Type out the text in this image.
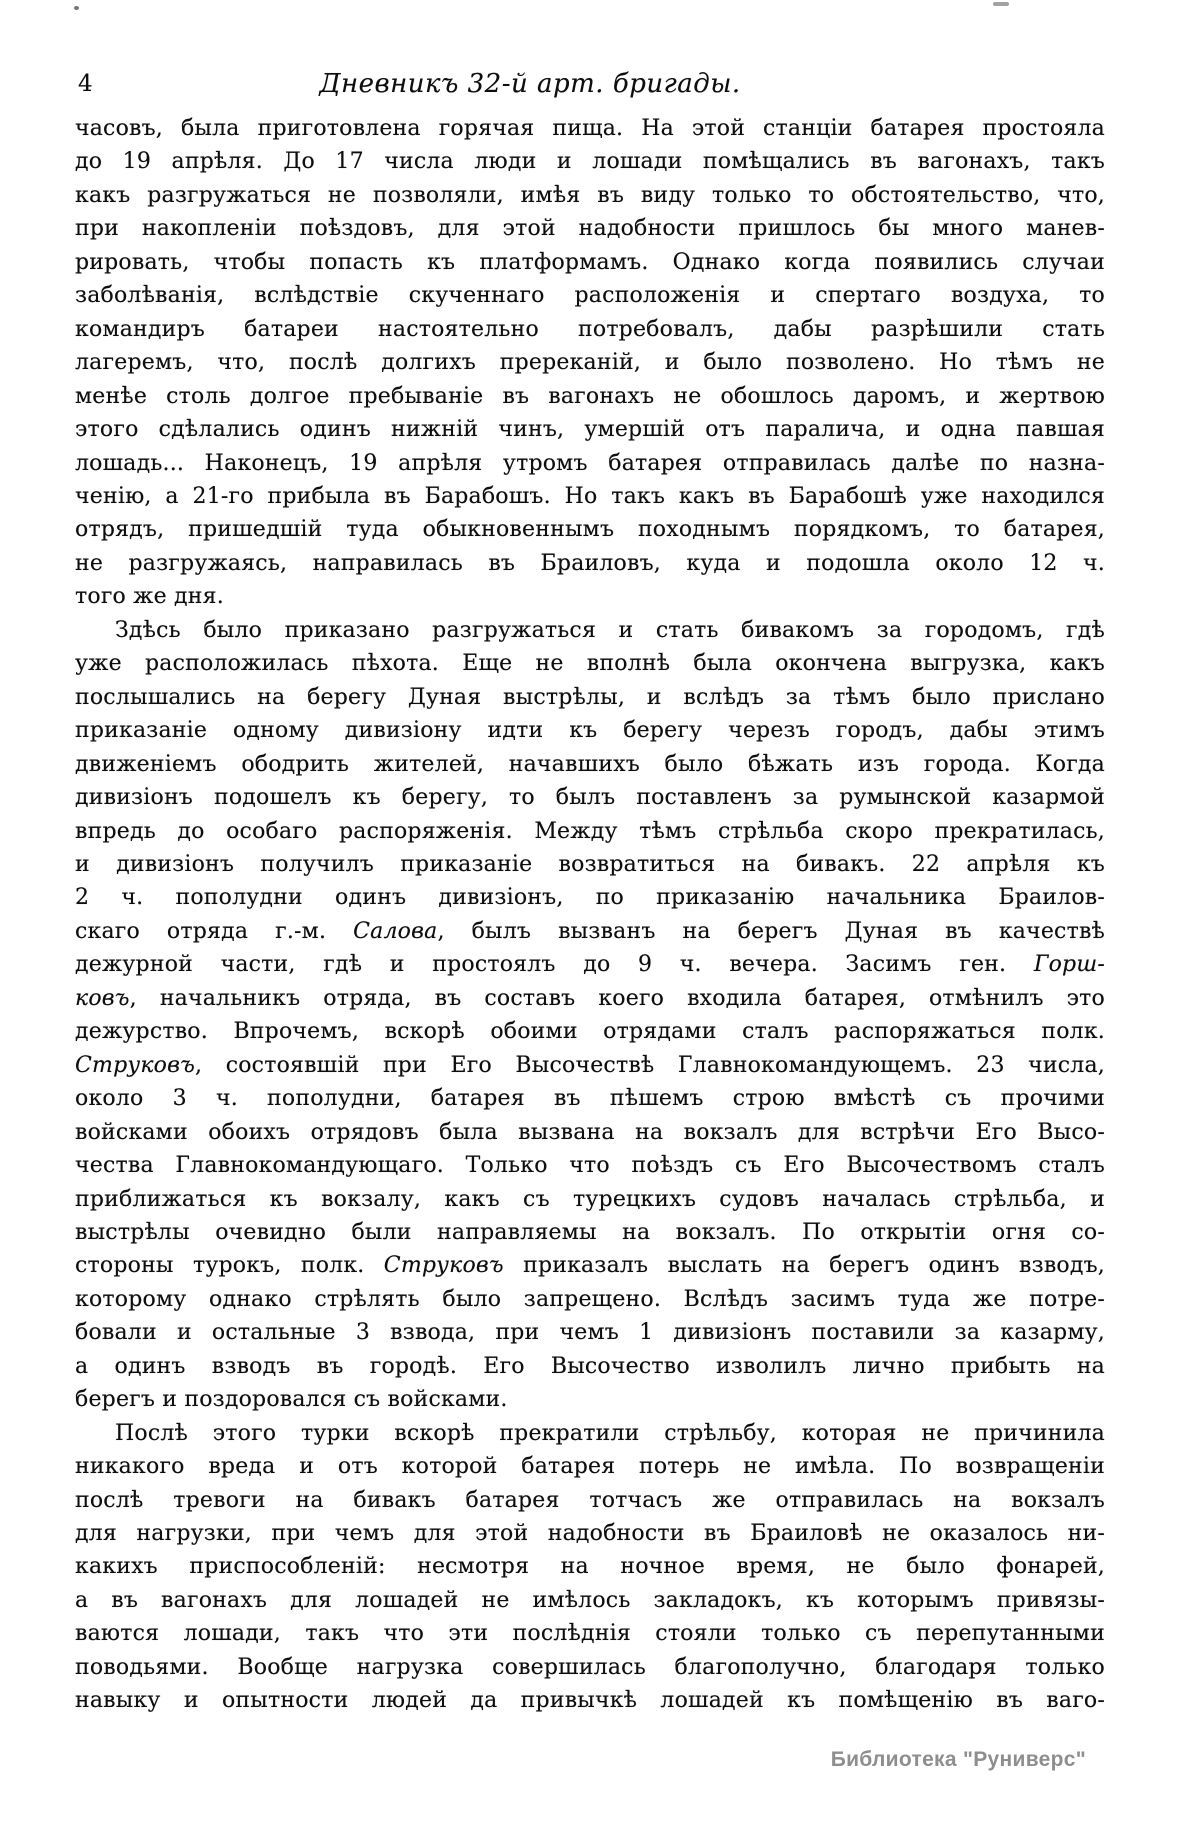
4	Дневникъ 32-й арт. бригады.
часовъ, была приготовлена горячая пища. На этой станціи батарея простояла
до 19 апрѣля. До 17 числа люди и лошади помѣщались въ вагонахъ, такъ
какъ разгружаться не позволяли, имѣя въ виду только то обстоятельство, что,
при накопленіи поѣздовъ, для этой надобности пришлось бы много манев-
рировать, чтобы попасть къ платформамъ. Однако когда появились случаи
заболѣванія, вслѣдствіе скученнаго расположенія и спертаго воздуха, то
командиръ батареи настоятельно потребовалъ, дабы разрѣшили стать
лагеремъ, что, послѣ долгихъ пререканій, и было позволено. Но тѣмъ не
менѣе столь долгое пребываніе въ вагонахъ не обошлось даромъ, и жертвою
этого сдѣлались одинъ нижній чинъ, умершій отъ паралича, и одна павшая
лошадь... Наконецъ, 19 апрѣля утромъ батарея отправилась далѣе по назна-
ченію, а 21-го прибыла въ Барабошъ. Но такъ какъ въ Барабошѣ уже находился
отрядъ, пришедшій туда обыкновеннымъ походнымъ порядкомъ, то батарея,
не разгружаясь, направилась въ Браиловъ, куда и подошла около 12 ч.
того же дня.
Здѣсь было приказано разгружаться и стать бивакомъ за городомъ, гдѣ
уже расположилась пѣхота. Еще не вполнѣ была окончена выгрузка, какъ
послышались на берегу Дуная выстрѣлы, и вслѣдъ за тѣмъ было прислано
приказаніе одному дивизіону идти къ берегу черезъ городъ, дабы этимъ
движеніемъ ободрить жителей, начавшихъ было бѣжать изъ города. Когда
дивизіонъ подошелъ къ берегу, то былъ поставленъ за румынской казармой
впредь до особаго распоряженія. Между тѣмъ стрѣльба скоро прекратилась,
и дивизіонъ получилъ приказаніе возвратиться на бивакъ. 22 апрѣля къ
2 ч. пополудни одинъ дивизіонъ, по приказанію начальника Браилов-
скаго отряда г.-м. Салова, былъ вызванъ на берегъ Дуная въ качествѣ
дежурной части, гдѣ и простоялъ до 9 ч. вечера. Засимъ ген. Горш-
ковъ, начальникъ отряда, въ составъ коего входила батарея, отмѣнилъ это
дежурство. Впрочемъ, вскорѣ обоими отрядами сталъ распоряжаться полк.
Струковъ, состоявшій при Его Высочествѣ Главнокомандующемъ. 23 числа,
около 3 ч. пополудни, батарея въ пѣшемъ строю вмѣстѣ съ прочими
войсками обоихъ отрядовъ была вызвана на вокзалъ для встрѣчи Его Высо-
чества Главнокомандующаго. Только что поѣздъ съ Его Высочествомъ сталъ
приближаться къ вокзалу, какъ съ турецкихъ судовъ началась стрѣльба, и
выстрѣлы очевидно были направляемы на вокзалъ. По открытіи огня со-
стороны турокъ, полк. Струковъ приказалъ выслать на берегъ одинъ взводъ,
которому однако стрѣлять было запрещено. Вслѣдъ засимъ туда же потре-
бовали и остальные 3 взвода, при чемъ 1 дивизіонъ поставили за казарму,
а одинъ взводъ въ городѣ. Его Высочество изволилъ лично прибыть на
берегъ и поздоровался съ войсками.
Послѣ этого турки вскорѣ прекратили стрѣльбу, которая не причинила
никакого вреда и отъ которой батарея потерь не имѣла. По возвращеніи
послѣ тревоги на бивакъ батарея тотчасъ же отправилась на вокзалъ
для нагрузки, при чемъ для этой надобности въ Браиловѣ не оказалось ни-
какихъ приспособленій: несмотря на ночное время, не было фонарей,
а въ вагонахъ для лошадей не имѣлось закладокъ, къ которымъ привязы-
ваются лошади, такъ что эти послѣднія стояли только съ перепутанными
поводьями. Вообще нагрузка совершилась благополучно, благодаря только
навыку и опытности людей да привычкѣ лошадей къ помѣщенію въ ваго-
Библиотека "Руниверс"
